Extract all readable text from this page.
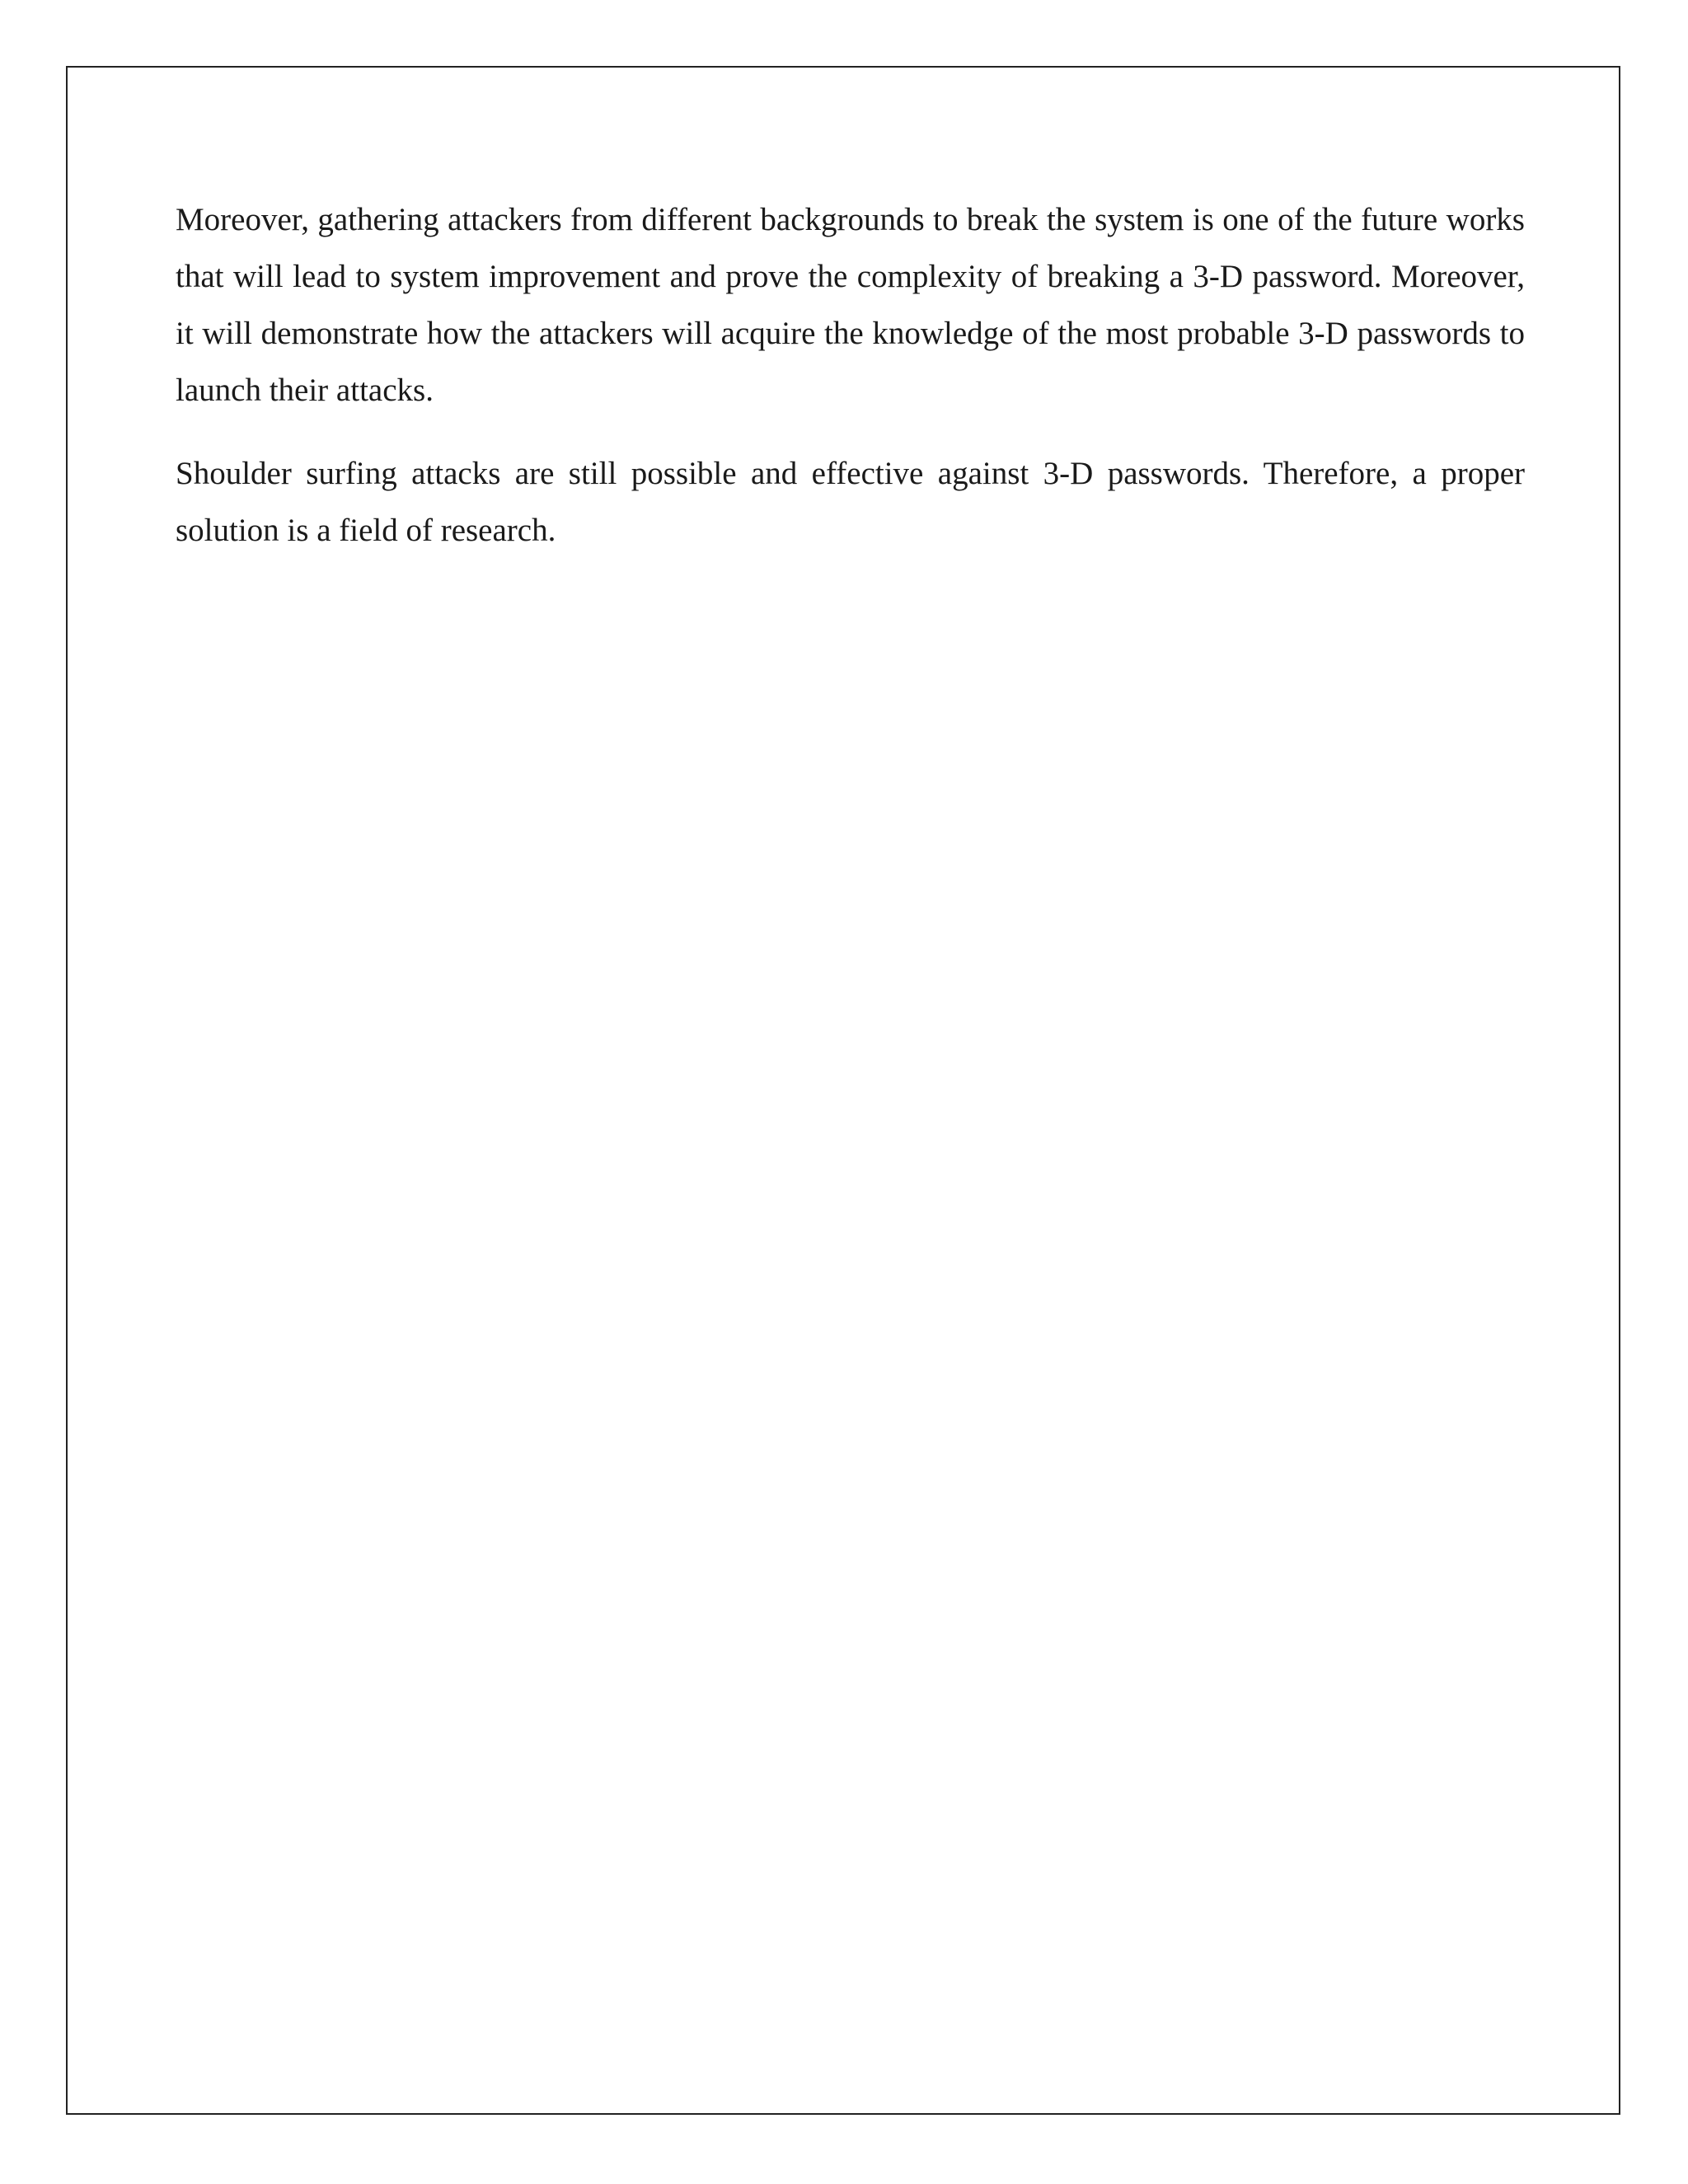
Moreover, gathering attackers from different backgrounds to break the system is one of the future works that will lead to system improvement and prove the complexity of breaking a 3-D password. Moreover, it will demonstrate how the attackers will acquire the knowledge of the most probable 3-D passwords to launch their attacks.

Shoulder surfing attacks are still possible and effective against 3-D passwords. Therefore, a proper solution is a field of research.
